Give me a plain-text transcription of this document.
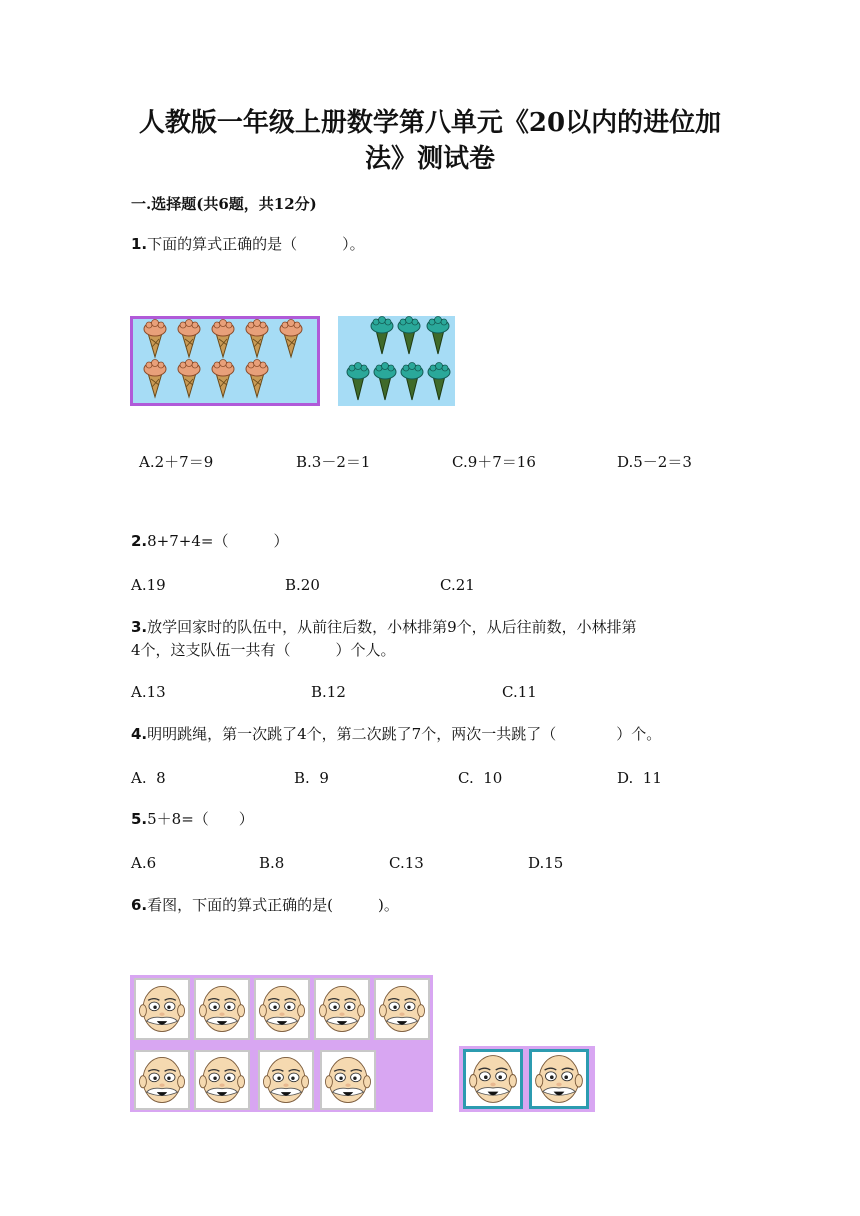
人教版一年级上册数学第八单元《20以内的进位加
法》测试卷
一.选择题(共6题，共12分)
1.下面的算式正确的是（　　　）。
A.2＋7＝9	B.3－2＝1	C.9＋7＝16	D.5－2＝3
2.8+7+4=（　　　）
A.19	B.20	C.21
3.放学回家时的队伍中，从前往后数，小林排第9个，从后往前数，小林排第
4个，这支队伍一共有（　　　）个人。
A.13	B.12	C.11
4.明明跳绳，第一次跳了4个，第二次跳了7个，两次一共跳了（　　　　）个。
A.  8	B.  9	C.  10	D.  11
5.5＋8=（　　）
A.6	B.8	C.13	D.15
6.看图，下面的算式正确的是(　　　)。
